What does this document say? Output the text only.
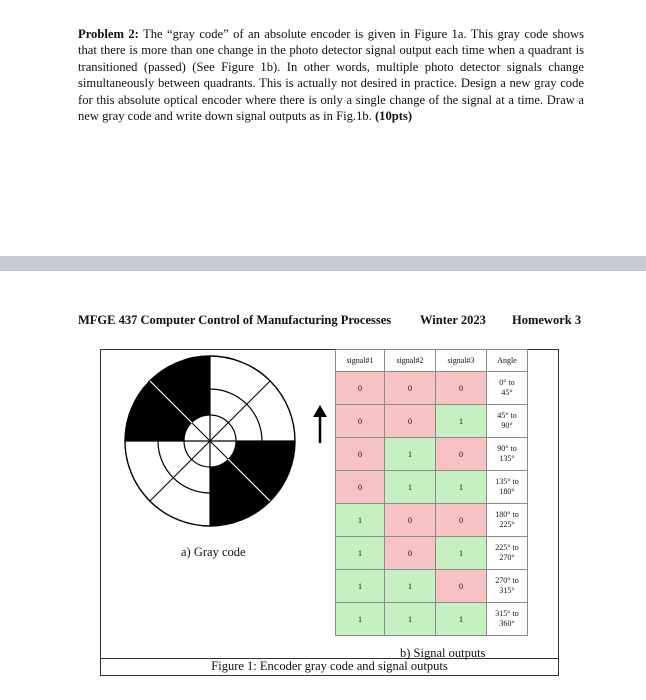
Problem 2: The “gray code” of an absolute encoder is given in Figure 1a. This gray code shows that there is more than one change in the photo detector signal output each time when a quadrant is transitioned (passed) (See Figure 1b). In other words, multiple photo detector signals change simultaneously between quadrants. This is actually not desired in practice. Design a new gray code for this absolute optical encoder where there is only a single change of the signal at a time. Draw a new gray code and write down signal outputs as in Fig.1b. (10pts)
MFGE 437 Computer Control of Manufacturing Processes Winter 2023 Homework 3
a) Gray code
signal#1	signal#2	signal#3	Angle
0	0	0	0° to
45°
0	0	1	45° to
90°
0	1	0	90° to
135°
0	1	1	135° to
180°
1	0	0	180° to
225°
1	0	1	225° to
270°
1	1	0	270° to
315°
1	1	1	315° to
360°
b) Signal outputs
Figure 1: Encoder gray code and signal outputs
